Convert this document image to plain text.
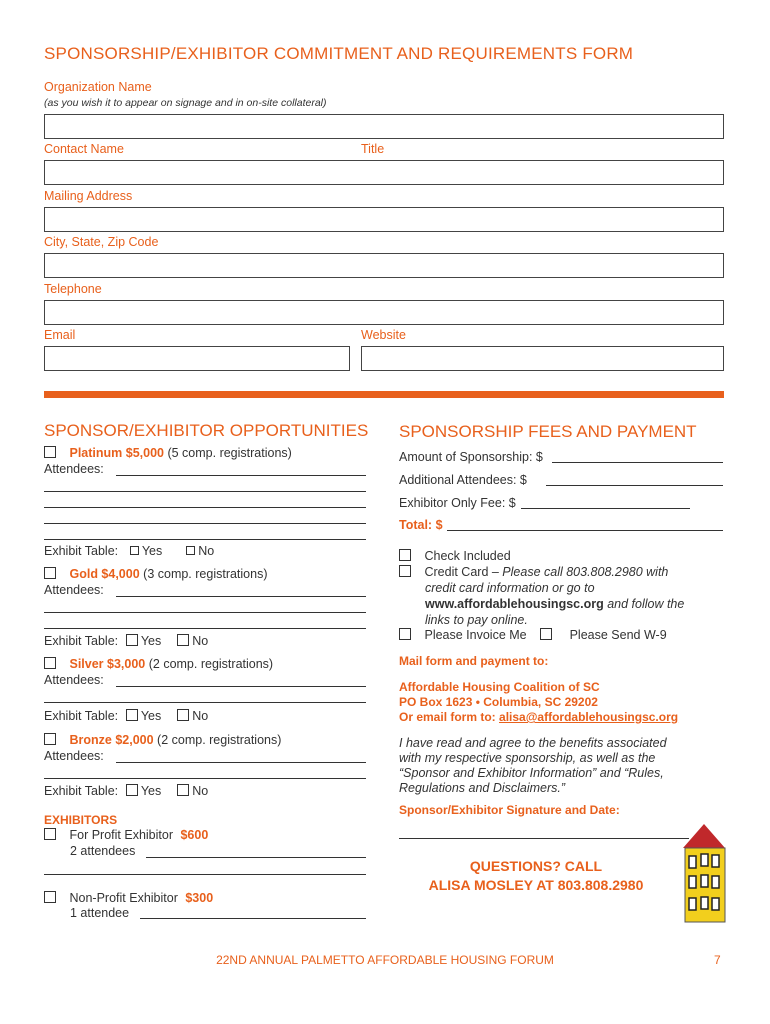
SPONSORSHIP/EXHIBITOR COMMITMENT AND REQUIREMENTS FORM
Organization Name
(as you wish it to appear on signage and in on-site collateral)
Contact Name	Title
Mailing Address
City, State, Zip Code
Telephone
Email	Website
SPONSOR/EXHIBITOR OPPORTUNITIES
Platinum $5,000 (5 comp. registrations)
Attendees:
Exhibit Table: Yes	No
Gold $4,000 (3 comp. registrations)
Attendees:
Exhibit Table: Yes No
Silver $3,000 (2 comp. registrations)
Attendees:
Exhibit Table: Yes No
Bronze $2,000 (2 comp. registrations)
Attendees:
Exhibit Table: Yes No
EXHIBITORS
For Profit Exhibitor $600
2 attendees
Non-Profit Exhibitor $300
1 attendee
SPONSORSHIP FEES AND PAYMENT
Amount of Sponsorship: $
Additional Attendees: $
Exhibitor Only Fee: $
Total: $
Check Included
Credit Card – Please call 803.808.2980 with
credit card information or go to
www.affordablehousingsc.org and follow the
links to pay online.
Please Invoice Me	Please Send W-9
Mail form and payment to:
Affordable Housing Coalition of SC
PO Box 1623 • Columbia, SC 29202
Or email form to: alisa@affordablehousingsc.org
I have read and agree to the benefits associated
with my respective sponsorship, as well as the
“Sponsor and Exhibitor Information” and “Rules,
Regulations and Disclaimers.”
Sponsor/Exhibitor Signature and Date:
QUESTIONS? CALL
ALISA MOSLEY AT 803.808.2980
22ND ANNUAL PALMETTO AFFORDABLE HOUSING FORUM	7
